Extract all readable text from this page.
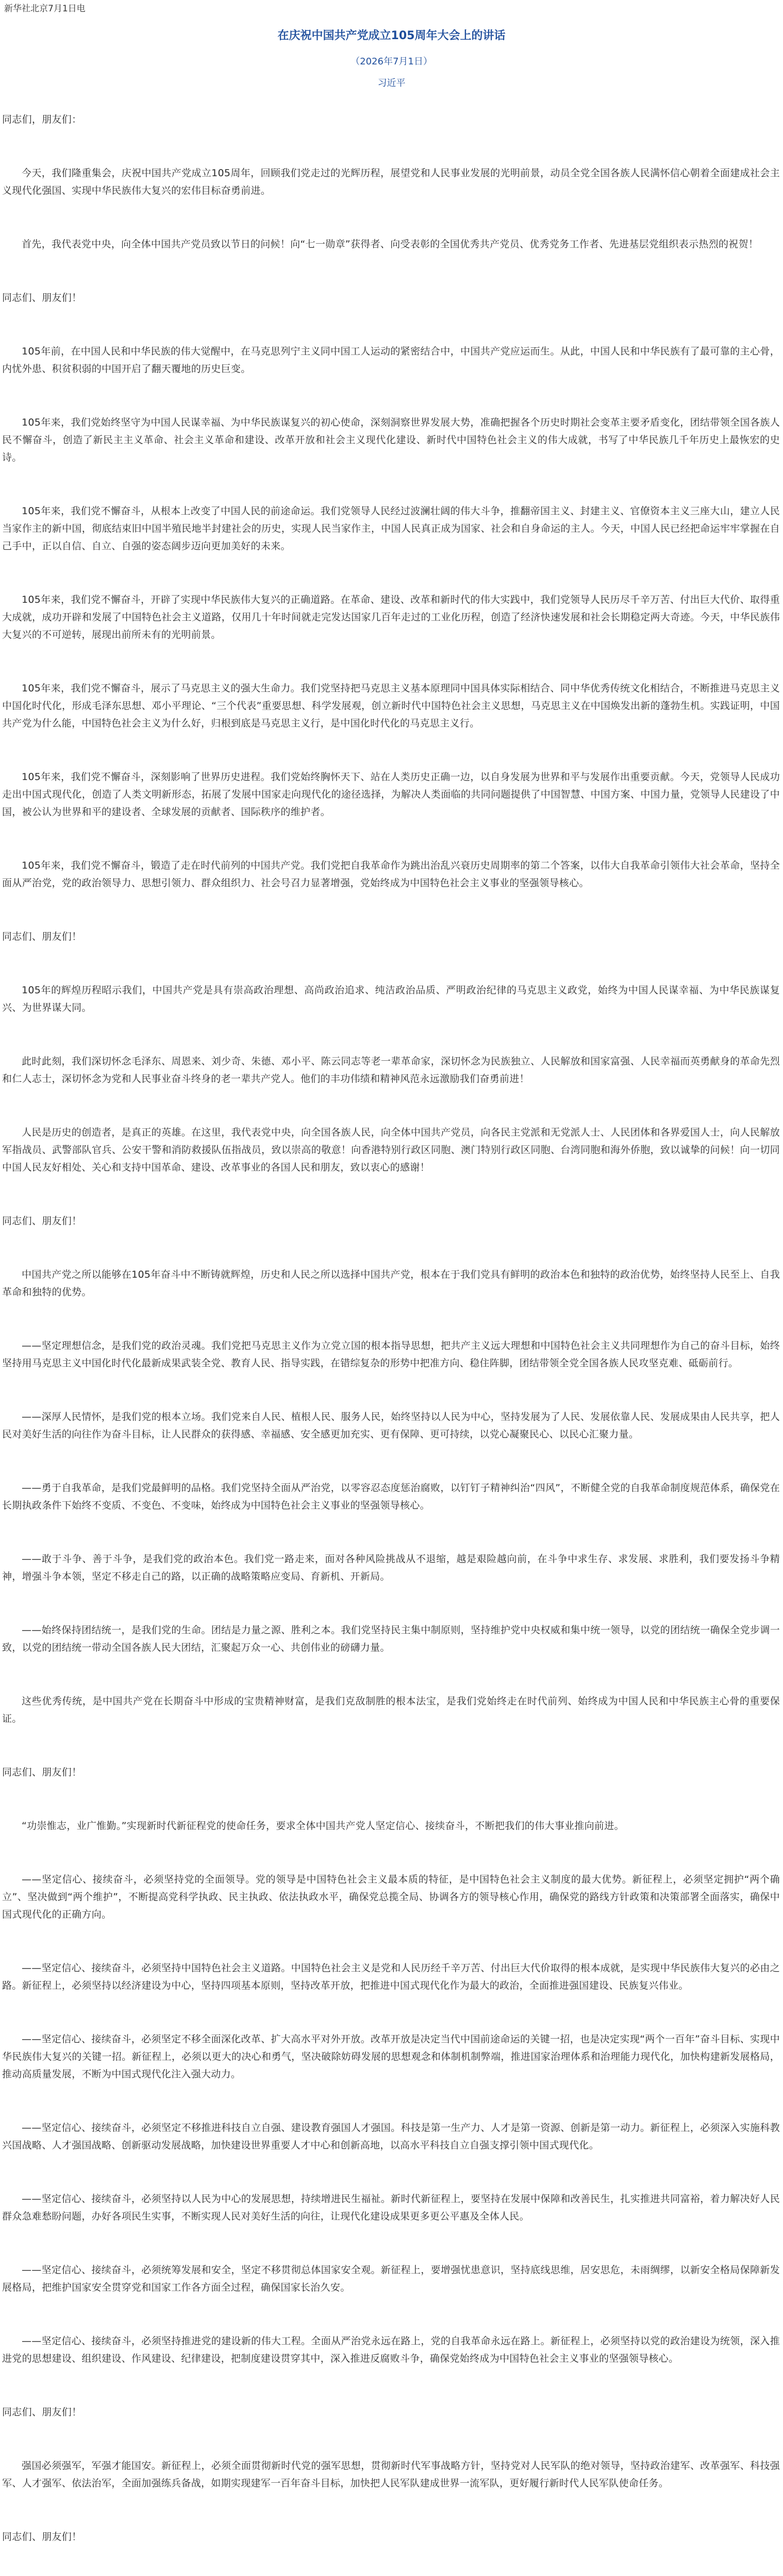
新华社北京7月1日电
在庆祝中国共产党成立105周年大会上的讲话
（2026年7月1日）
习近平

同志们，朋友们：

今天，我们隆重集会，庆祝中国共产党成立105周年，回顾我们党走过的光辉历程，展望党和人民事业发展的光明前景，动员全党全国各族人民满怀信心朝着全面建成社会主义现代化强国、实现中华民族伟大复兴的宏伟目标奋勇前进。

首先，我代表党中央，向全体中国共产党员致以节日的问候！向“七一勋章”获得者、向受表彰的全国优秀共产党员、优秀党务工作者、先进基层党组织表示热烈的祝贺！

同志们、朋友们！

105年前，在中国人民和中华民族的伟大觉醒中，在马克思列宁主义同中国工人运动的紧密结合中，中国共产党应运而生。从此，中国人民和中华民族有了最可靠的主心骨，内忧外患、积贫积弱的中国开启了翻天覆地的历史巨变。

105年来，我们党始终坚守为中国人民谋幸福、为中华民族谋复兴的初心使命，深刻洞察世界发展大势，准确把握各个历史时期社会变革主要矛盾变化，团结带领全国各族人民不懈奋斗，创造了新民主主义革命、社会主义革命和建设、改革开放和社会主义现代化建设、新时代中国特色社会主义的伟大成就，书写了中华民族几千年历史上最恢宏的史诗。

105年来，我们党不懈奋斗，从根本上改变了中国人民的前途命运。我们党领导人民经过波澜壮阔的伟大斗争，推翻帝国主义、封建主义、官僚资本主义三座大山，建立人民当家作主的新中国，彻底结束旧中国半殖民地半封建社会的历史，实现人民当家作主，中国人民真正成为国家、社会和自身命运的主人。今天，中国人民已经把命运牢牢掌握在自己手中，正以自信、自立、自强的姿态阔步迈向更加美好的未来。

105年来，我们党不懈奋斗，开辟了实现中华民族伟大复兴的正确道路。在革命、建设、改革和新时代的伟大实践中，我们党领导人民历尽千辛万苦、付出巨大代价、取得重大成就，成功开辟和发展了中国特色社会主义道路，仅用几十年时间就走完发达国家几百年走过的工业化历程，创造了经济快速发展和社会长期稳定两大奇迹。今天，中华民族伟大复兴的不可逆转，展现出前所未有的光明前景。

105年来，我们党不懈奋斗，展示了马克思主义的强大生命力。我们党坚持把马克思主义基本原理同中国具体实际相结合、同中华优秀传统文化相结合，不断推进马克思主义中国化时代化，形成毛泽东思想、邓小平理论、“三个代表”重要思想、科学发展观，创立新时代中国特色社会主义思想，马克思主义在中国焕发出新的蓬勃生机。实践证明，中国共产党为什么能，中国特色社会主义为什么好，归根到底是马克思主义行，是中国化时代化的马克思主义行。

105年来，我们党不懈奋斗，深刻影响了世界历史进程。我们党始终胸怀天下、站在人类历史正确一边，以自身发展为世界和平与发展作出重要贡献。今天，党领导人民成功走出中国式现代化，创造了人类文明新形态，拓展了发展中国家走向现代化的途径选择，为解决人类面临的共同问题提供了中国智慧、中国方案、中国力量，党领导人民建设了中国，被公认为世界和平的建设者、全球发展的贡献者、国际秩序的维护者。

105年来，我们党不懈奋斗，锻造了走在时代前列的中国共产党。我们党把自我革命作为跳出治乱兴衰历史周期率的第二个答案，以伟大自我革命引领伟大社会革命，坚持全面从严治党，党的政治领导力、思想引领力、群众组织力、社会号召力显著增强，党始终成为中国特色社会主义事业的坚强领导核心。

同志们、朋友们！

105年的辉煌历程昭示我们，中国共产党是具有崇高政治理想、高尚政治追求、纯洁政治品质、严明政治纪律的马克思主义政党，始终为中国人民谋幸福、为中华民族谋复兴、为世界谋大同。

此时此刻，我们深切怀念毛泽东、周恩来、刘少奇、朱德、邓小平、陈云同志等老一辈革命家，深切怀念为民族独立、人民解放和国家富强、人民幸福而英勇献身的革命先烈和仁人志士，深切怀念为党和人民事业奋斗终身的老一辈共产党人。他们的丰功伟绩和精神风范永远激励我们奋勇前进！

人民是历史的创造者，是真正的英雄。在这里，我代表党中央，向全国各族人民，向全体中国共产党员，向各民主党派和无党派人士、人民团体和各界爱国人士，向人民解放军指战员、武警部队官兵、公安干警和消防救援队伍指战员，致以崇高的敬意！向香港特别行政区同胞、澳门特别行政区同胞、台湾同胞和海外侨胞，致以诚挚的问候！向一切同中国人民友好相处、关心和支持中国革命、建设、改革事业的各国人民和朋友，致以衷心的感谢！

同志们、朋友们！

中国共产党之所以能够在105年奋斗中不断铸就辉煌，历史和人民之所以选择中国共产党，根本在于我们党具有鲜明的政治本色和独特的政治优势，始终坚持人民至上、自我革命和独特的优势。

——坚定理想信念，是我们党的政治灵魂。我们党把马克思主义作为立党立国的根本指导思想，把共产主义远大理想和中国特色社会主义共同理想作为自己的奋斗目标，始终坚持用马克思主义中国化时代化最新成果武装全党、教育人民、指导实践，在错综复杂的形势中把准方向、稳住阵脚，团结带领全党全国各族人民攻坚克难、砥砺前行。

——深厚人民情怀，是我们党的根本立场。我们党来自人民、植根人民、服务人民，始终坚持以人民为中心，坚持发展为了人民、发展依靠人民、发展成果由人民共享，把人民对美好生活的向往作为奋斗目标，让人民群众的获得感、幸福感、安全感更加充实、更有保障、更可持续，以党心凝聚民心、以民心汇聚力量。

——勇于自我革命，是我们党最鲜明的品格。我们党坚持全面从严治党，以零容忍态度惩治腐败，以钉钉子精神纠治“四风”，不断健全党的自我革命制度规范体系，确保党在长期执政条件下始终不变质、不变色、不变味，始终成为中国特色社会主义事业的坚强领导核心。

——敢于斗争、善于斗争，是我们党的政治本色。我们党一路走来，面对各种风险挑战从不退缩，越是艰险越向前，在斗争中求生存、求发展、求胜利，我们要发扬斗争精神，增强斗争本领，坚定不移走自己的路，以正确的战略策略应变局、育新机、开新局。

——始终保持团结统一，是我们党的生命。团结是力量之源、胜利之本。我们党坚持民主集中制原则，坚持维护党中央权威和集中统一领导，以党的团结统一确保全党步调一致，以党的团结统一带动全国各族人民大团结，汇聚起万众一心、共创伟业的磅礴力量。

这些优秀传统，是中国共产党在长期奋斗中形成的宝贵精神财富，是我们克敌制胜的根本法宝，是我们党始终走在时代前列、始终成为中国人民和中华民族主心骨的重要保证。

同志们、朋友们！

“功崇惟志，业广惟勤。”实现新时代新征程党的使命任务，要求全体中国共产党人坚定信心、接续奋斗，不断把我们的伟大事业推向前进。

——坚定信心、接续奋斗，必须坚持党的全面领导。党的领导是中国特色社会主义最本质的特征，是中国特色社会主义制度的最大优势。新征程上，必须坚定拥护“两个确立”、坚决做到“两个维护”，不断提高党科学执政、民主执政、依法执政水平，确保党总揽全局、协调各方的领导核心作用，确保党的路线方针政策和决策部署全面落实，确保中国式现代化的正确方向。

——坚定信心、接续奋斗，必须坚持中国特色社会主义道路。中国特色社会主义是党和人民历经千辛万苦、付出巨大代价取得的根本成就，是实现中华民族伟大复兴的必由之路。新征程上，必须坚持以经济建设为中心，坚持四项基本原则，坚持改革开放，把推进中国式现代化作为最大的政治，全面推进强国建设、民族复兴伟业。

——坚定信心、接续奋斗，必须坚定不移全面深化改革、扩大高水平对外开放。改革开放是决定当代中国前途命运的关键一招，也是决定实现“两个一百年”奋斗目标、实现中华民族伟大复兴的关键一招。新征程上，必须以更大的决心和勇气，坚决破除妨碍发展的思想观念和体制机制弊端，推进国家治理体系和治理能力现代化，加快构建新发展格局，推动高质量发展，不断为中国式现代化注入强大动力。

——坚定信心、接续奋斗，必须坚定不移推进科技自立自强、建设教育强国人才强国。科技是第一生产力、人才是第一资源、创新是第一动力。新征程上，必须深入实施科教兴国战略、人才强国战略、创新驱动发展战略，加快建设世界重要人才中心和创新高地，以高水平科技自立自强支撑引领中国式现代化。

——坚定信心、接续奋斗，必须坚持以人民为中心的发展思想，持续增进民生福祉。新时代新征程上，要坚持在发展中保障和改善民生，扎实推进共同富裕，着力解决好人民群众急难愁盼问题，办好各项民生实事，不断实现人民对美好生活的向往，让现代化建设成果更多更公平惠及全体人民。

——坚定信心、接续奋斗，必须统筹发展和安全，坚定不移贯彻总体国家安全观。新征程上，要增强忧患意识，坚持底线思维，居安思危，未雨绸缪，以新安全格局保障新发展格局，把维护国家安全贯穿党和国家工作各方面全过程，确保国家长治久安。

——坚定信心、接续奋斗，必须坚持推进党的建设新的伟大工程。全面从严治党永远在路上，党的自我革命永远在路上。新征程上，必须坚持以党的政治建设为统领，深入推进党的思想建设、组织建设、作风建设、纪律建设，把制度建设贯穿其中，深入推进反腐败斗争，确保党始终成为中国特色社会主义事业的坚强领导核心。

同志们、朋友们！

强国必须强军，军强才能国安。新征程上，必须全面贯彻新时代党的强军思想，贯彻新时代军事战略方针，坚持党对人民军队的绝对领导，坚持政治建军、改革强军、科技强军、人才强军、依法治军，全面加强练兵备战，如期实现建军一百年奋斗目标，加快把人民军队建成世界一流军队，更好履行新时代人民军队使命任务。

同志们、朋友们！
